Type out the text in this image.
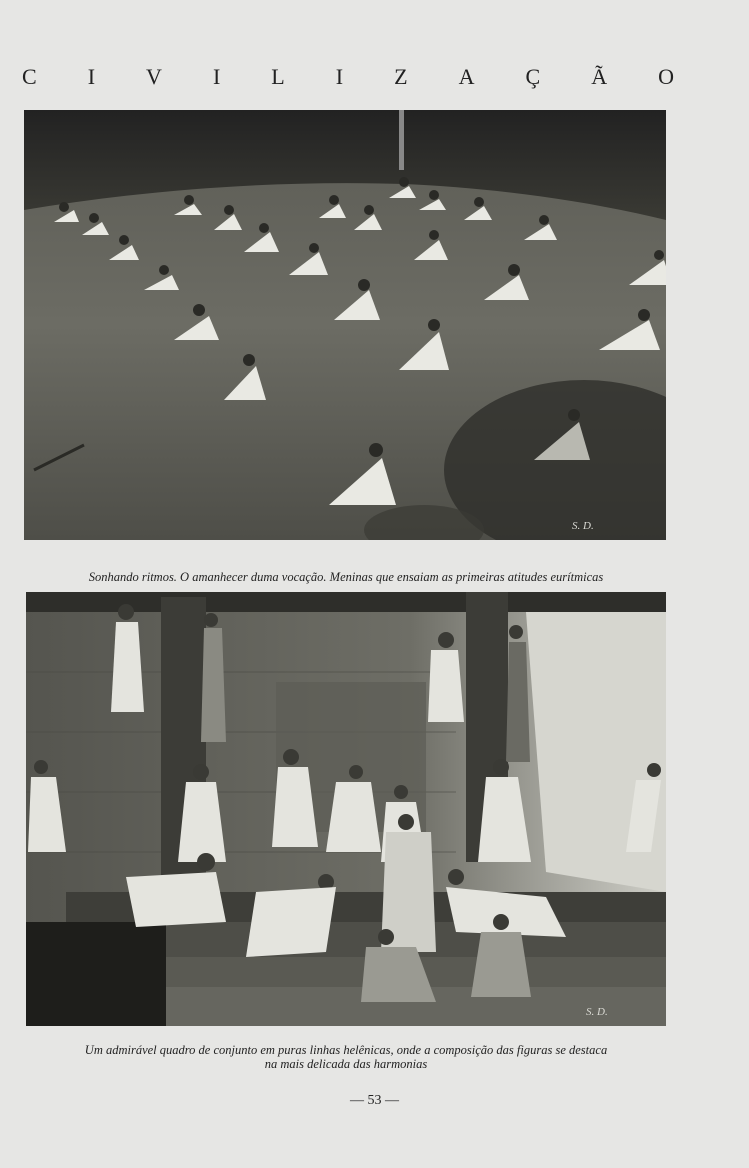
C I V I L I Z A Ç Ã O
S. D.

Sonhando ritmos. O amanhecer duma vocação. Meninas que ensaiam as primeiras atitudes eurítmicas

S. D.

Um admirável quadro de conjunto em puras linhas helênicas, onde a composição das figuras se destaca
na mais delicada das harmonias

— 53 —
